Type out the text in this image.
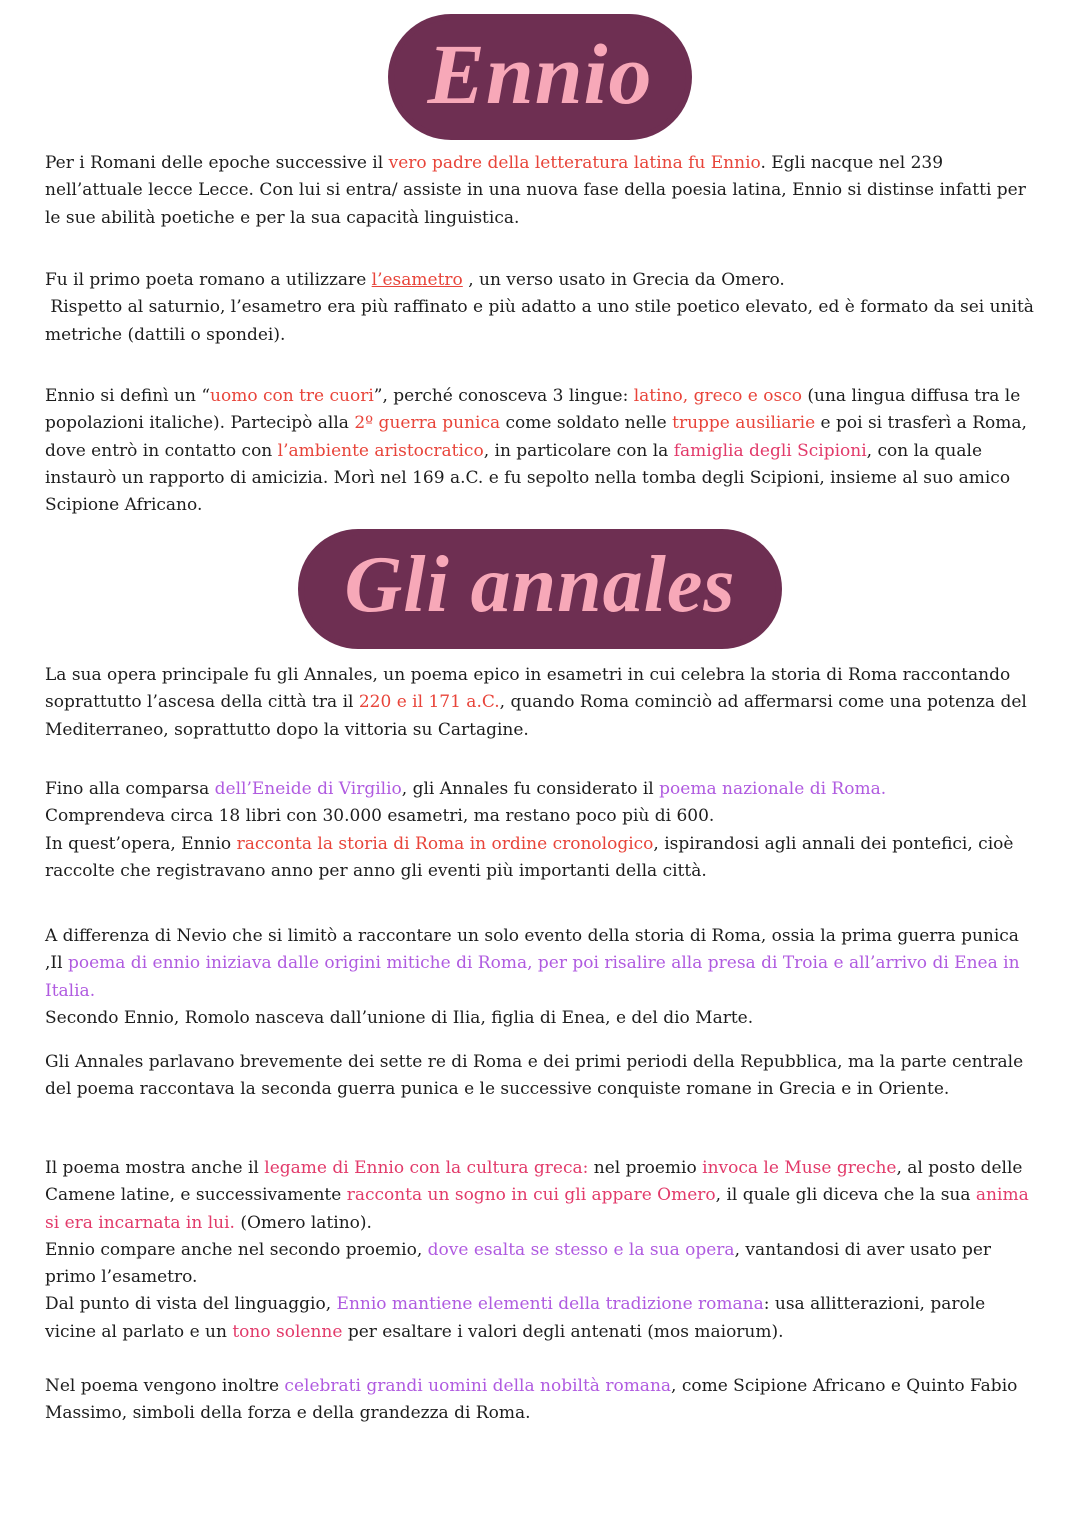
Ennio

Per i Romani delle epoche successive il vero padre della letteratura latina fu Ennio. Egli nacque nel 239 nell’attuale lecce Lecce. Con lui si entra/ assiste in una nuova fase della poesia latina, Ennio si distinse infatti per le sue abilità poetiche e per la sua capacità linguistica.

Fu il primo poeta romano a utilizzare l’esametro , un verso usato in Grecia da Omero.
Rispetto al saturnio, l’esametro era più raffinato e più adatto a uno stile poetico elevato, ed è formato da sei unità metriche (dattili o spondei).

Ennio si definì un “uomo con tre cuori”, perché conosceva 3 lingue: latino, greco e osco (una lingua diffusa tra le popolazioni italiche). Partecipò alla 2º guerra punica come soldato nelle truppe ausiliarie e poi si trasferì a Roma, dove entrò in contatto con l’ambiente aristocratico, in particolare con la famiglia degli Scipioni, con la quale instaurò un rapporto di amicizia. Morì nel 169 a.C. e fu sepolto nella tomba degli Scipioni, insieme al suo amico Scipione Africano.

Gli annales

La sua opera principale fu gli Annales, un poema epico in esametri in cui celebra la storia di Roma raccontando soprattutto l’ascesa della città tra il 220 e il 171 a.C., quando Roma cominciò ad affermarsi come una potenza del Mediterraneo, soprattutto dopo la vittoria su Cartagine.

Fino alla comparsa dell’Eneide di Virgilio, gli Annales fu considerato il poema nazionale di Roma.
Comprendeva circa 18 libri con 30.000 esametri, ma restano poco più di 600.
In quest’opera, Ennio racconta la storia di Roma in ordine cronologico, ispirandosi agli annali dei pontefici, cioè raccolte che registravano anno per anno gli eventi più importanti della città.

A differenza di Nevio che si limitò a raccontare un solo evento della storia di Roma, ossia la prima guerra punica ,Il poema di ennio iniziava dalle origini mitiche di Roma, per poi risalire alla presa di Troia e all’arrivo di Enea in Italia.
Secondo Ennio, Romolo nasceva dall’unione di Ilia, figlia di Enea, e del dio Marte.

Gli Annales parlavano brevemente dei sette re di Roma e dei primi periodi della Repubblica, ma la parte centrale del poema raccontava la seconda guerra punica e le successive conquiste romane in Grecia e in Oriente.

Il poema mostra anche il legame di Ennio con la cultura greca: nel proemio invoca le Muse greche, al posto delle Camene latine, e successivamente racconta un sogno in cui gli appare Omero, il quale gli diceva che la sua anima si era incarnata in lui. (Omero latino).
Ennio compare anche nel secondo proemio, dove esalta se stesso e la sua opera, vantandosi di aver usato per primo l’esametro.
Dal punto di vista del linguaggio, Ennio mantiene elementi della tradizione romana: usa allitterazioni, parole vicine al parlato e un tono solenne per esaltare i valori degli antenati (mos maiorum).

Nel poema vengono inoltre celebrati grandi uomini della nobiltà romana, come Scipione Africano e Quinto Fabio Massimo, simboli della forza e della grandezza di Roma.
